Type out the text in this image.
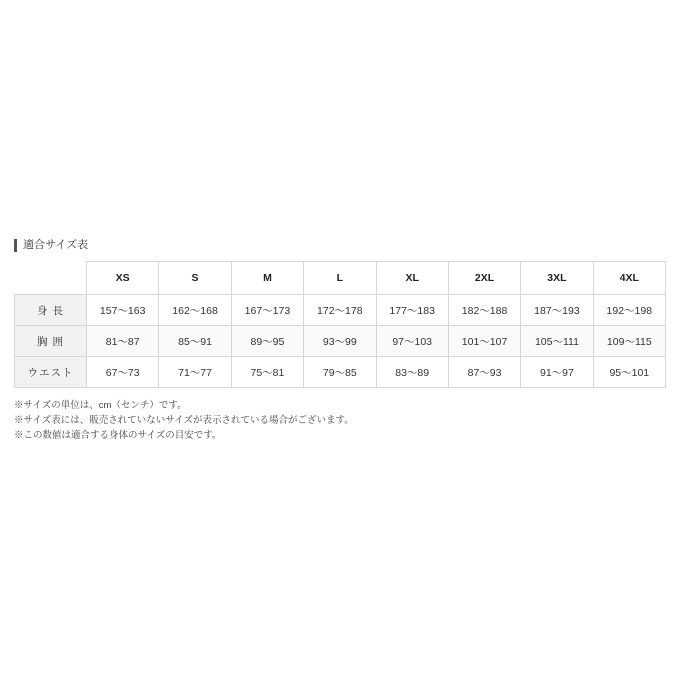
適合サイズ表
	XS	S	M	L	XL	2XL	3XL	4XL
身 長	157〜163	162〜168	167〜173	172〜178	177〜183	182〜188	187〜193	192〜198
胸 囲	81〜87	85〜91	89〜95	93〜99	97〜103	101〜107	105〜111	109〜115
ウエスト	67〜73	71〜77	75〜81	79〜85	83〜89	87〜93	91〜97	95〜101
※サイズの単位は、cm（センチ）です。
※サイズ表には、販売されていないサイズが表示されている場合がございます。
※この数値は適合する身体のサイズの目安です。
